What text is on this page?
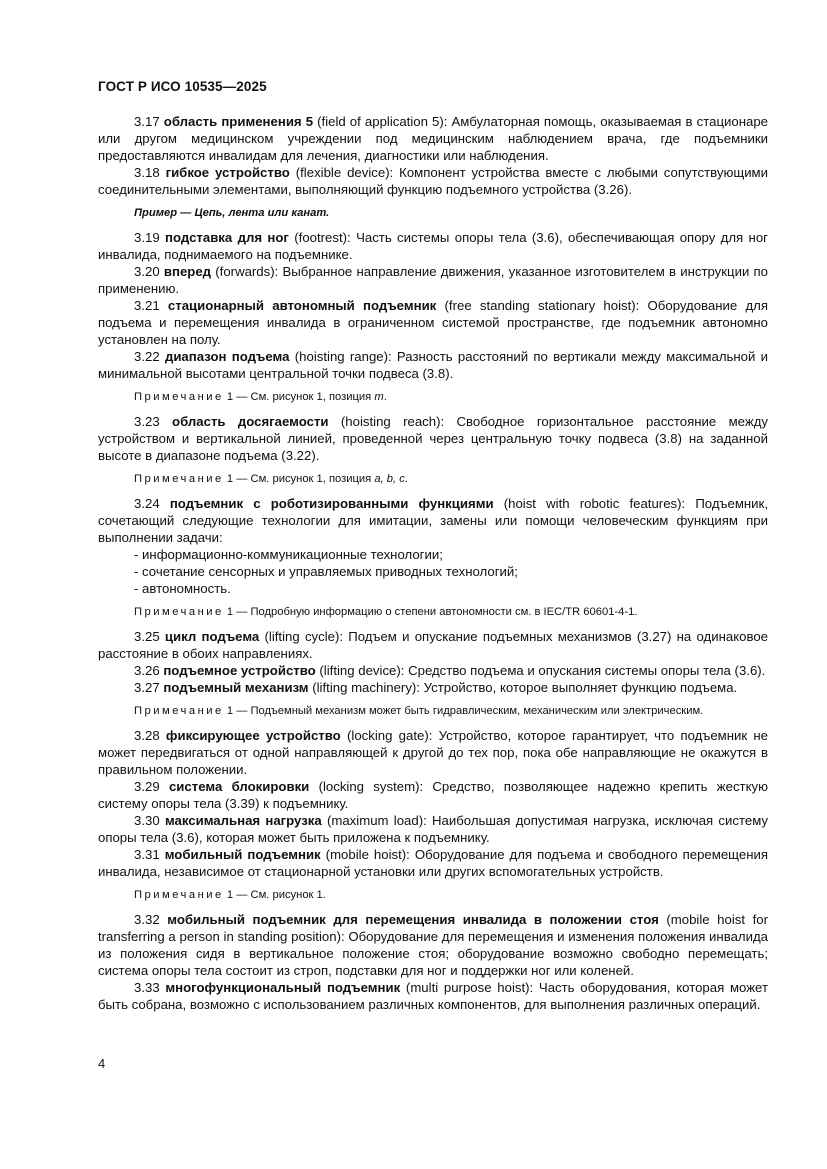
ГОСТ Р ИСО 10535—2025

3.17 область применения 5 (field of application 5): Амбулаторная помощь, оказываемая в стационаре или другом медицинском учреждении под медицинским наблюдением врача, где подъемники предоставляются инвалидам для лечения, диагностики или наблюдения.

3.18 гибкое устройство (flexible device): Компонент устройства вместе с любыми сопутствующими соединительными элементами, выполняющий функцию подъемного устройства (3.26).

Пример — Цепь, лента или канат.

3.19 подставка для ног (footrest): Часть системы опоры тела (3.6), обеспечивающая опору для ног инвалида, поднимаемого на подъемнике.

3.20 вперед (forwards): Выбранное направление движения, указанное изготовителем в инструкции по применению.

3.21 стационарный автономный подъемник (free standing stationary hoist): Оборудование для подъема и перемещения инвалида в ограниченном системой пространстве, где подъемник автономно установлен на полу.

3.22 диапазон подъема (hoisting range): Разность расстояний по вертикали между максимальной и минимальной высотами центральной точки подвеса (3.8).

Примечание 1 — См. рисунок 1, позиция m.

3.23 область досягаемости (hoisting reach): Свободное горизонтальное расстояние между устройством и вертикальной линией, проведенной через центральную точку подвеса (3.8) на заданной высоте в диапазоне подъема (3.22).

Примечание 1 — См. рисунок 1, позиция a, b, c.

3.24 подъемник с роботизированными функциями (hoist with robotic features): Подъемник, сочетающий следующие технологии для имитации, замены или помощи человеческим функциям при выполнении задачи:

- информационно-коммуникационные технологии;

- сочетание сенсорных и управляемых приводных технологий;

- автономность.

Примечание 1 — Подробную информацию о степени автономности см. в IEC/TR 60601-4-1.

3.25 цикл подъема (lifting cycle): Подъем и опускание подъемных механизмов (3.27) на одинаковое расстояние в обоих направлениях.

3.26 подъемное устройство (lifting device): Средство подъема и опускания системы опоры тела (3.6).

3.27 подъемный механизм (lifting machinery): Устройство, которое выполняет функцию подъема.

Примечание 1 — Подъемный механизм может быть гидравлическим, механическим или электрическим.

3.28 фиксирующее устройство (locking gate): Устройство, которое гарантирует, что подъемник не может передвигаться от одной направляющей к другой до тех пор, пока обе направляющие не окажутся в правильном положении.

3.29 система блокировки (locking system): Средство, позволяющее надежно крепить жесткую систему опоры тела (3.39) к подъемнику.

3.30 максимальная нагрузка (maximum load): Наибольшая допустимая нагрузка, исключая систему опоры тела (3.6), которая может быть приложена к подъемнику.

3.31 мобильный подъемник (mobile hoist): Оборудование для подъема и свободного перемещения инвалида, независимое от стационарной установки или других вспомогательных устройств.

Примечание 1 — См. рисунок 1.

3.32 мобильный подъемник для перемещения инвалида в положении стоя (mobile hoist for transferring a person in standing position): Оборудование для перемещения и изменения положения инвалида из положения сидя в вертикальное положение стоя; оборудование возможно свободно перемещать; система опоры тела состоит из строп, подставки для ног и поддержки ног или коленей.

3.33 многофункциональный подъемник (multi purpose hoist): Часть оборудования, которая может быть собрана, возможно с использованием различных компонентов, для выполнения различных операций.

4
